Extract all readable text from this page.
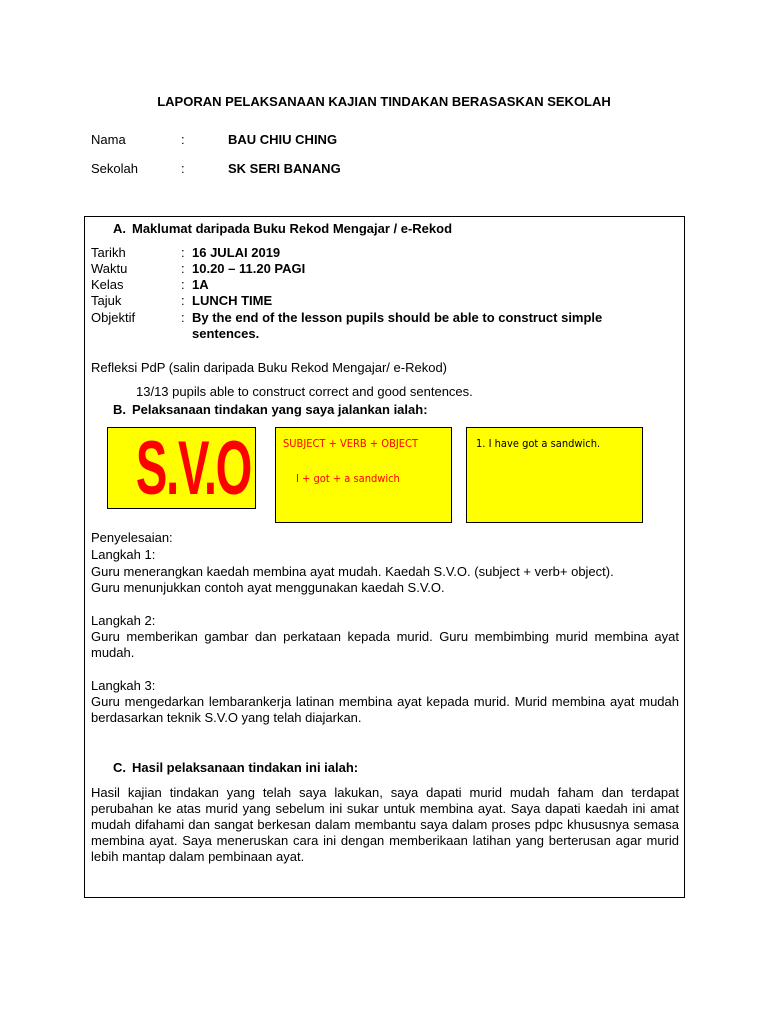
LAPORAN PELAKSANAAN KAJIAN TINDAKAN BERASASKAN SEKOLAH
Nama	:	BAU CHIU CHING
Sekolah	:	SK SERI BANANG
A. Maklumat daripada Buku Rekod Mengajar / e-Rekod
Tarikh	: 16 JULAI 2019
Waktu	: 10.20 – 11.20 PAGI
Kelas	: 1A
Tajuk	: LUNCH TIME
Objektif	: By the end of the lesson pupils should be able to construct simple sentences.
Refleksi PdP (salin daripada Buku Rekod Mengajar/ e-Rekod)
13/13 pupils able to construct correct and good sentences.
B. Pelaksanaan tindakan yang saya jalankan ialah:
S.V.O	SUBJECT + VERB + OBJECT
I + got + a sandwich
1. I have got a sandwich.
Penyelesaian:
Langkah 1:
Guru menerangkan kaedah membina ayat mudah. Kaedah S.V.O. (subject + verb+ object).
Guru menunjukkan contoh ayat menggunakan kaedah S.V.O.
Langkah 2:
Guru memberikan gambar dan perkataan kepada murid. Guru membimbing murid membina ayat mudah.
Langkah 3:
Guru mengedarkan lembarankerja latinan membina ayat kepada murid. Murid membina ayat mudah berdasarkan teknik S.V.O yang telah diajarkan.
C. Hasil pelaksanaan tindakan ini ialah:
Hasil kajian tindakan yang telah saya lakukan, saya dapati murid mudah faham dan terdapat perubahan ke atas murid yang sebelum ini sukar untuk membina ayat. Saya dapati kaedah ini amat mudah difahami dan sangat berkesan dalam membantu saya dalam proses pdpc khususnya semasa membina ayat. Saya meneruskan cara ini dengan memberikaan latihan yang berterusan agar murid lebih mantap dalam pembinaan ayat.
